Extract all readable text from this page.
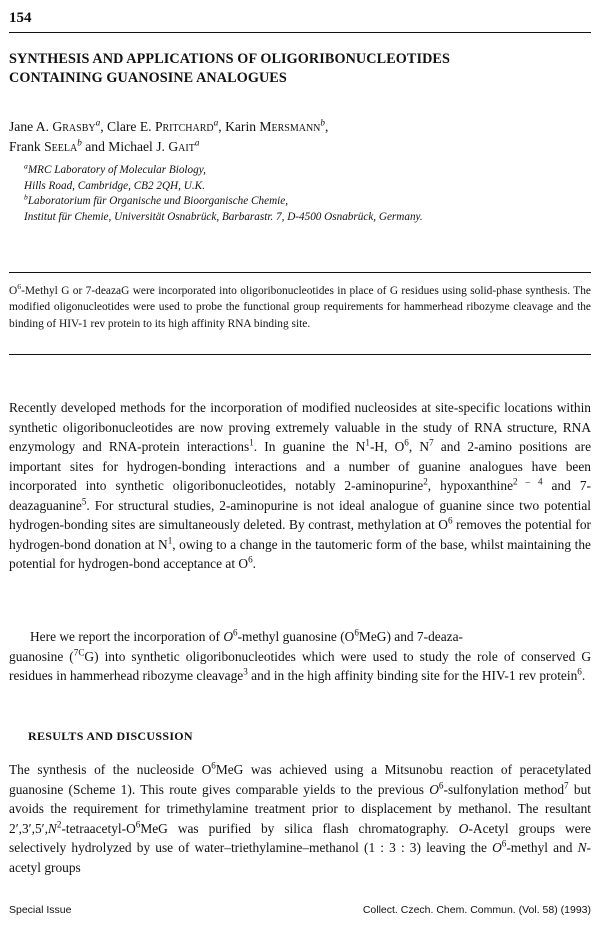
154
SYNTHESIS AND APPLICATIONS OF OLIGORIBONUCLEOTIDES
CONTAINING GUANOSINE ANALOGUES
Jane A. Grasby$^a$, Clare E. Pritchard$^a$, Karin Mersmann$^b$,
Frank Seela$^b$ and Michael J. Gait$^a$
$^a$MRC Laboratory of Molecular Biology,
Hills Road, Cambridge, CB2 2QH, U.K.
$^b$Laboratorium für Organische und Bioorganische Chemie,
Institut für Chemie, Universität Osnabrück, Barbarastr. 7, D-4500 Osnabrück, Germany.
$O^6$-Methyl G or 7-deazaG were incorporated into oligoribonucleotides in place of G residues using solid-phase synthesis. The modified oligonucleotides were used to probe the functional group requirements for hammerhead ribozyme cleavage and the binding of HIV-1 rev protein to its high affinity RNA binding site.
Recently developed methods for the incorporation of modified nucleosides at site-specific locations within synthetic oligoribonucleotides are now proving extremely valuable in the study of RNA structure, RNA enzymology and RNA-protein interactions$^1$. In guanine the $N^1-H$, $O^6$, $N^7$ and 2-amino positions are important sites for hydrogen-bonding interactions and a number of guanine analogues have been incorporated into synthetic oligoribonucleotides, notably 2-aminopurine$^2$, hypoxanthine$^{2 - 4}$ and 7-deazaguanine$^5$. For structural studies, 2-aminopurine is not ideal analogue of guanine since two potential hydrogen-bonding sites are simultaneously deleted. By contrast, methylation at $O^6$ removes the potential for hydrogen-bond donation at $N^1$, owing to a change in the tautomeric form of the base, whilst maintaining the potential for hydrogen-bond acceptance at $O^6$.
Here we report the incorporation of $O^6$-methyl guanosine $(O^6MeG)$ and 7-deaza-
guanosine ($^{7C}$G) into synthetic oligoribonucleotides which were used to study the role of conserved G residues in hammerhead ribozyme cleavage$^3$ and in the high affinity binding site for the HIV-1 rev protein$^6$.
RESULTS AND DISCUSSION
The synthesis of the nucleoside $O^6MeG$ was achieved using a Mitsunobu reaction of peracetylated guanosine (Scheme 1). This route gives comparable yields to the previous $O^6$-sulfonylation method$^7$ but avoids the requirement for trimethylamine treatment prior to displacement by methanol. The resultant $2',3',5',N^2-tetraacetyl-O^6MeG$ was purified by silica flash chromatography. O-Acetyl groups were selectively hydrolyzed by use of water–triethylamine–methanol (1 : 3 : 3) leaving the $O^6$-methyl and N-acetyl groups
Special Issue	Collect. Czech. Chem. Commun. (Vol. 58) (1993)
